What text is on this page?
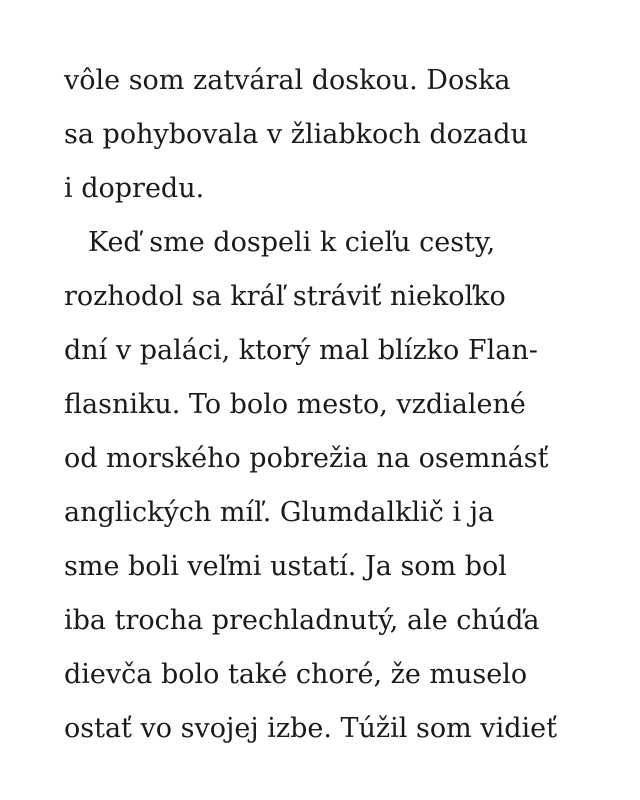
vôle som zatváral doskou. Doska
sa pohybovala v žliabkoch dozadu
i dopredu.
Keď sme dospeli k cieľu cesty,
rozhodol sa kráľ stráviť niekoľko
dní v paláci, ktorý mal blízko Flan-
flasniku. To bolo mesto, vzdialené
od morského pobrežia na osemnásť
anglických míľ. Glumdalklič i ja
sme boli veľmi ustatí. Ja som bol
iba trocha prechladnutý, ale chúďa
dievča bolo také choré, že muselo
ostať vo svojej izbe. Túžil som vidieť
